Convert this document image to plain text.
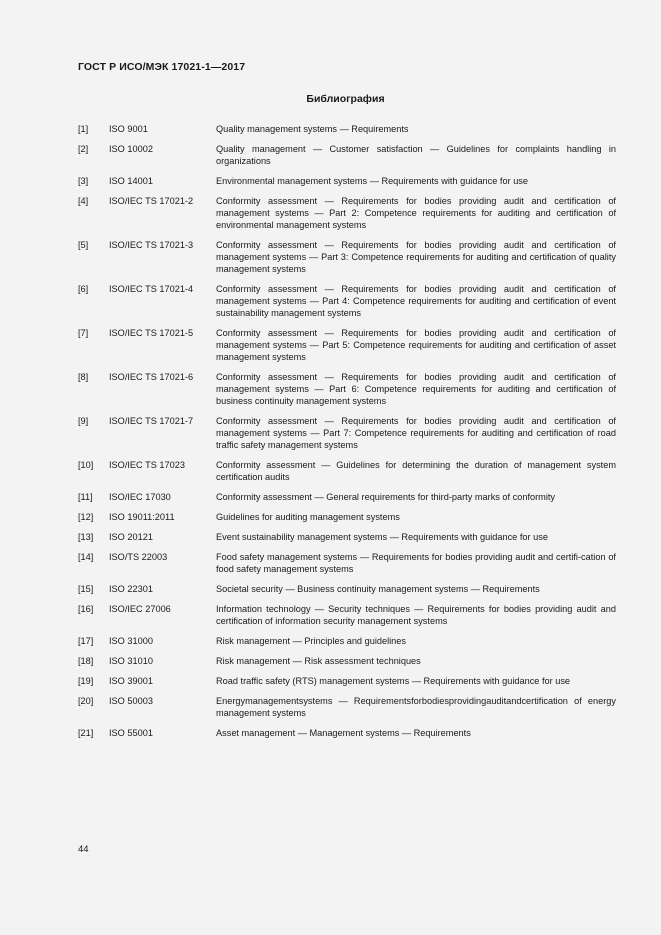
ГОСТ Р ИСО/МЭК 17021-1—2017
Библиография
[1]	ISO 9001	Quality management systems — Requirements
[2]	ISO 10002	Quality management — Customer satisfaction — Guidelines for complaints handling in organizations
[3]	ISO 14001	Environmental management systems — Requirements with guidance for use
[4]	ISO/IEC TS 17021-2	Conformity assessment — Requirements for bodies providing audit and certification of management systems — Part 2: Competence requirements for auditing and certification of environmental management systems
[5]	ISO/IEC TS 17021-3	Conformity assessment — Requirements for bodies providing audit and certification of management systems — Part 3: Competence requirements for auditing and certification of quality management systems
[6]	ISO/IEC TS 17021-4	Conformity assessment — Requirements for bodies providing audit and certification of management systems — Part 4: Competence requirements for auditing and certification of event sustainability management systems
[7]	ISO/IEC TS 17021-5	Conformity assessment — Requirements for bodies providing audit and certification of management systems — Part 5: Competence requirements for auditing and certification of asset management systems
[8]	ISO/IEC TS 17021-6	Conformity assessment — Requirements for bodies providing audit and certification of management systems — Part 6: Competence requirements for auditing and certification of business continuity management systems
[9]	ISO/IEC TS 17021-7	Conformity assessment — Requirements for bodies providing audit and certification of management systems — Part 7: Competence requirements for auditing and certification of road traffic safety management systems
[10]	ISO/IEC TS 17023	Conformity assessment — Guidelines for determining the duration of management system certification audits
[11]	ISO/IEC 17030	Conformity assessment — General requirements for third-party marks of conformity
[12]	ISO 19011:2011	Guidelines for auditing management systems
[13]	ISO 20121	Event sustainability management systems — Requirements with guidance for use
[14]	ISO/TS 22003	Food safety management systems — Requirements for bodies providing audit and certifi-cation of food safety management systems
[15]	ISO 22301	Societal security — Business continuity management systems — Requirements
[16]	ISO/IEC 27006	Information technology — Security techniques — Requirements for bodies providing audit and certification of information security management systems
[17]	ISO 31000	Risk management — Principles and guidelines
[18]	ISO 31010	Risk management — Risk assessment techniques
[19]	ISO 39001	Road traffic safety (RTS) management systems — Requirements with guidance for use
[20]	ISO 50003	Energymanagementsystems — Requirementsforbodiesprovidingauditandcertification of energy management systems
[21]	ISO 55001	Asset management — Management systems — Requirements
44
